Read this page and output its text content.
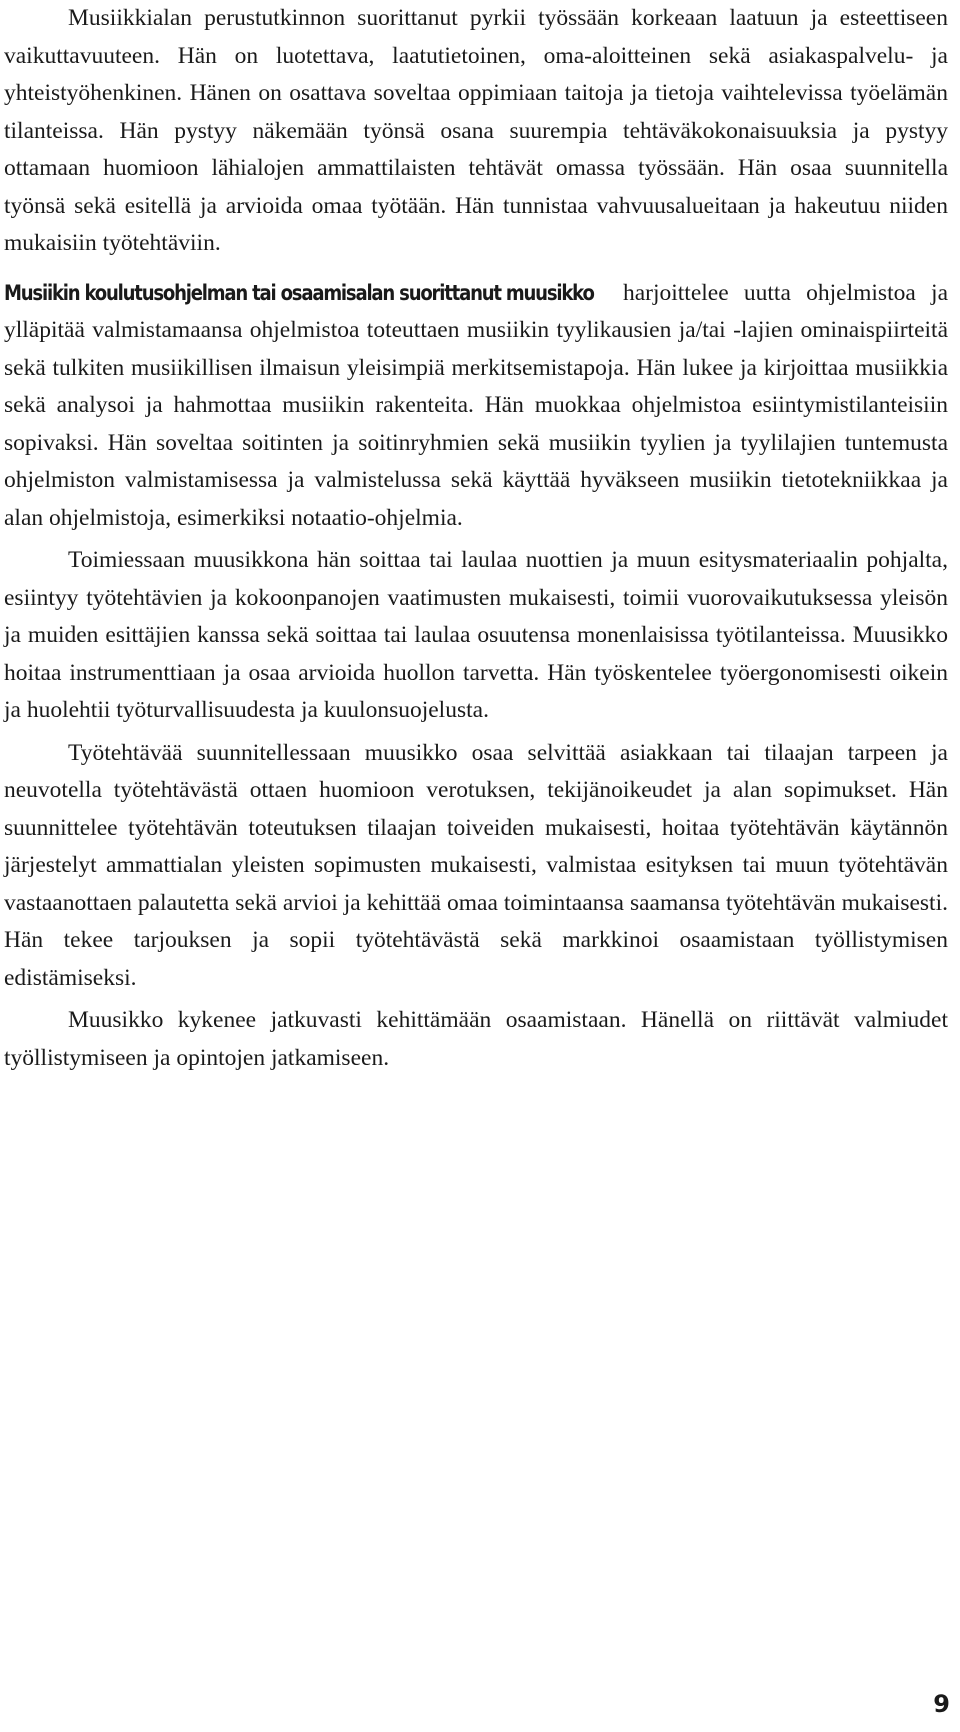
Musiikkialan perustutkinnon suorittanut pyrkii työssään korkeaan laatuun ja esteettiseen vaikuttavuuteen. Hän on luotettava, laatutietoinen, oma-aloitteinen sekä asiakaspalvelu- ja yhteistyöhenkinen. Hänen on osattava soveltaa oppimiaan taitoja ja tietoja vaihtelevissa työelämän tilanteissa. Hän pystyy näkemään työnsä osana suurempia tehtäväkokonaisuuksia ja pystyy ottamaan huomioon lähialojen ammattilaisten tehtävät omassa työssään. Hän osaa suunnitella työnsä sekä esitellä ja arvioida omaa työtään. Hän tunnistaa vahvuusalueitaan ja hakeutuu niiden mukaisiin työtehtäviin.

Musiikin koulutusohjelman tai osaamisalan suorittanut muusikko harjoittelee uutta ohjelmistoa ja ylläpitää valmistamaansa ohjelmistoa toteuttaen musiikin tyylikausien ja/tai -lajien ominaispiirteitä sekä tulkiten musiikillisen ilmaisun yleisimpiä merkitsemistapoja. Hän lukee ja kirjoittaa musiikkia sekä analysoi ja hahmottaa musiikin rakenteita. Hän muokkaa ohjelmistoa esiintymistilanteisiin sopivaksi. Hän soveltaa soitinten ja soitinryhmien sekä musiikin tyylien ja tyylilajien tuntemusta ohjelmiston valmistamisessa ja valmistelussa sekä käyttää hyväkseen musiikin tietotekniikkaa ja alan ohjelmistoja, esimerkiksi notaatio-ohjelmia.

Toimiessaan muusikkona hän soittaa tai laulaa nuottien ja muun esitysmateriaalin pohjalta, esiintyy työtehtävien ja kokoonpanojen vaatimusten mukaisesti, toimii vuorovaikutuksessa yleisön ja muiden esittäjien kanssa sekä soittaa tai laulaa osuutensa monenlaisissa työtilanteissa. Muusikko hoitaa instrumenttiaan ja osaa arvioida huollon tarvetta. Hän työskentelee työergonomisesti oikein ja huolehtii työturvallisuudesta ja kuulonsuojelusta.

Työtehtävää suunnitellessaan muusikko osaa selvittää asiakkaan tai tilaajan tarpeen ja neuvotella työtehtävästä ottaen huomioon verotuksen, tekijänoikeudet ja alan sopimukset. Hän suunnittelee työtehtävän toteutuksen tilaajan toiveiden mukaisesti, hoitaa työtehtävän käytännön järjestelyt ammattialan yleisten sopimusten mukaisesti, valmistaa esityksen tai muun työtehtävän vastaanottaen palautetta sekä arvioi ja kehittää omaa toimintaansa saamansa työtehtävän mukaisesti. Hän tekee tarjouksen ja sopii työtehtävästä sekä markkinoi osaamistaan työllistymisen edistämiseksi.

Muusikko kykenee jatkuvasti kehittämään osaamistaan. Hänellä on riittävät valmiudet työllistymiseen ja opintojen jatkamiseen.

9
